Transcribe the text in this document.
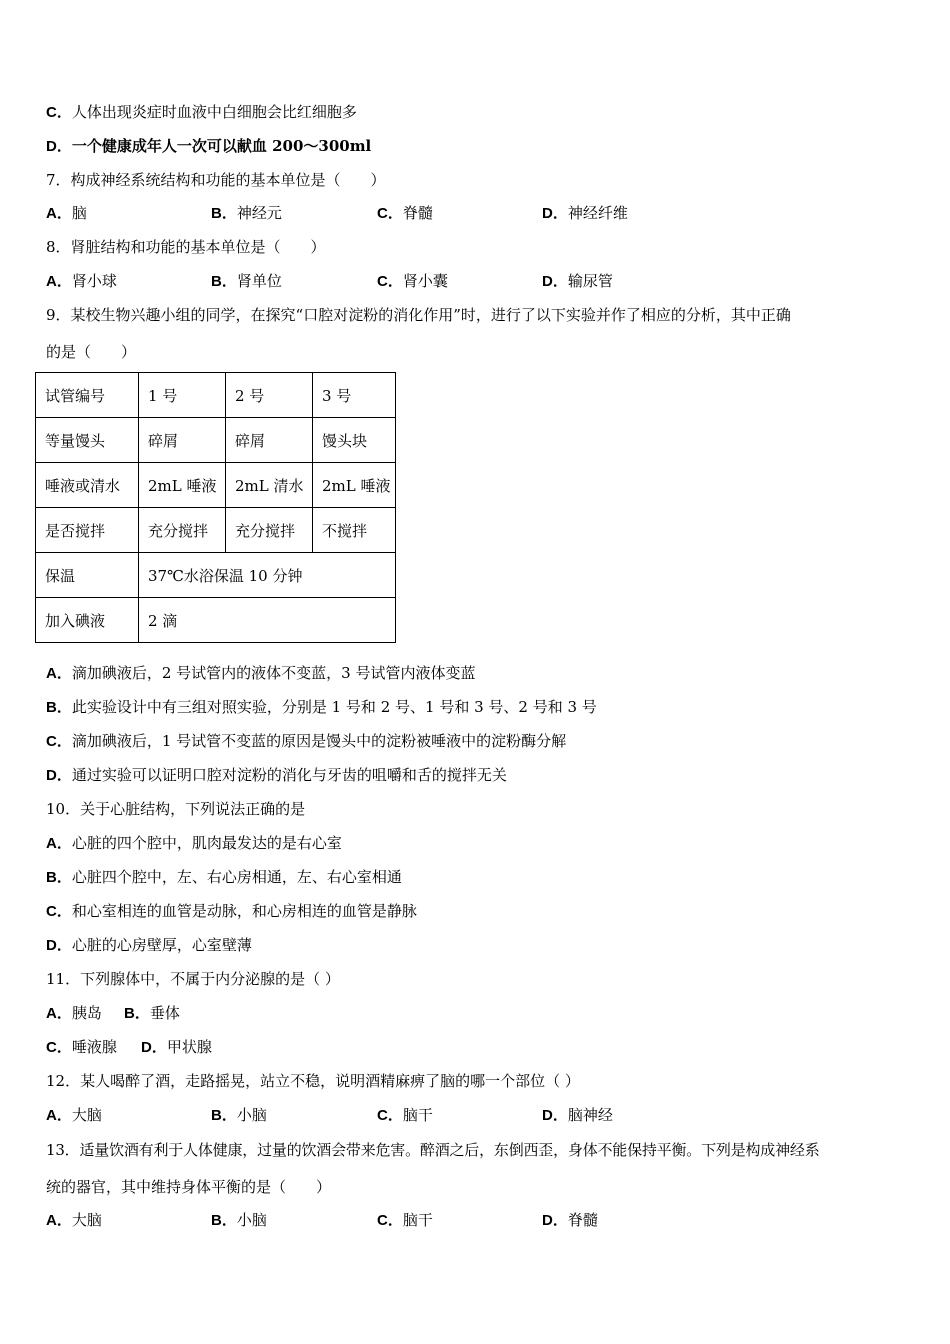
C．人体出现炎症时血液中白细胞会比红细胞多
D．一个健康成年人一次可以献血 200～300ml
7．构成神经系统结构和功能的基本单位是（　　）
A．脑	B．神经元	C．脊髓	D．神经纤维
8．肾脏结构和功能的基本单位是（　　）
A．肾小球	B．肾单位	C．肾小囊	D．输尿管
9．某校生物兴趣小组的同学，在探究“口腔对淀粉的消化作用”时，进行了以下实验并作了相应的分析，其中正确
的是（　　）
试管编号	1 号	2 号	3 号
等量馒头	碎屑	碎屑	馒头块
唾液或清水	2mL 唾液	2mL 清水	2mL 唾液
是否搅拌	充分搅拌	充分搅拌	不搅拌
保温	37℃水浴保温 10 分钟		
加入碘液	2 滴		
A．滴加碘液后，2 号试管内的液体不变蓝，3 号试管内液体变蓝
B．此实验设计中有三组对照实验，分别是 1 号和 2 号、1 号和 3 号、2 号和 3 号
C．滴加碘液后，1 号试管不变蓝的原因是馒头中的淀粉被唾液中的淀粉酶分解
D．通过实验可以证明口腔对淀粉的消化与牙齿的咀嚼和舌的搅拌无关
10．关于心脏结构，下列说法正确的是
A．心脏的四个腔中，肌肉最发达的是右心室
B．心脏四个腔中，左、右心房相通，左、右心室相通
C．和心室相连的血管是动脉，和心房相连的血管是静脉
D．心脏的心房壁厚，心室壁薄
11．下列腺体中，不属于内分泌腺的是（ ）
A．胰岛 B．垂体
C．唾液腺 D．甲状腺
12．某人喝醉了酒，走路摇晃，站立不稳，说明酒精麻痹了脑的哪一个部位（ ）
A．大脑	B．小脑	C．脑干	D．脑神经
13．适量饮酒有利于人体健康，过量的饮酒会带来危害。醉酒之后，东倒西歪，身体不能保持平衡。下列是构成神经系
统的器官，其中维持身体平衡的是（　　）
A．大脑	B．小脑	C．脑干	D．脊髓
